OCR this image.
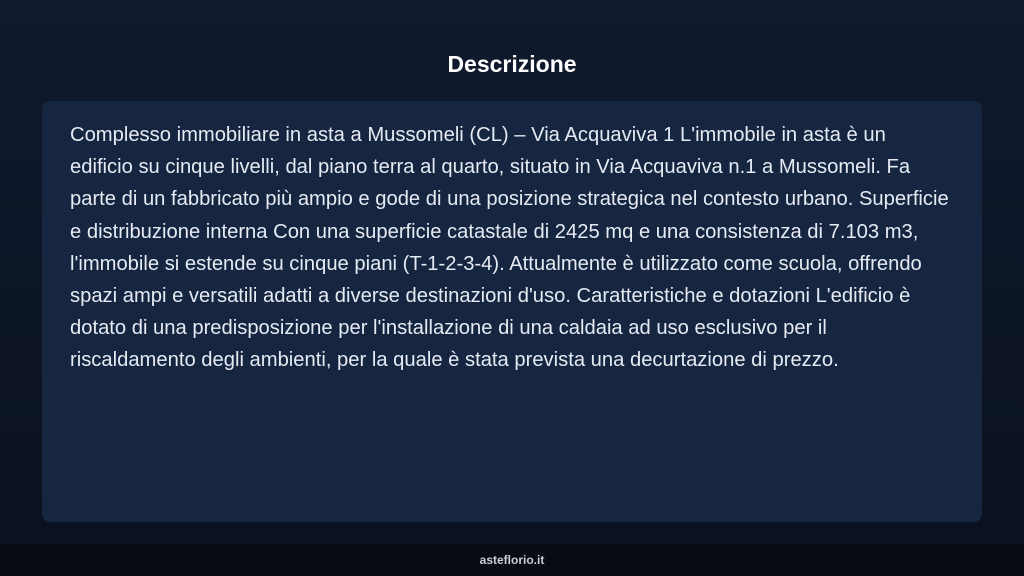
Descrizione

Complesso immobiliare in asta a Mussomeli (CL) – Via Acquaviva 1 L'immobile in asta è un edificio su cinque livelli, dal piano terra al quarto, situato in Via Acquaviva n.1 a Mussomeli. Fa parte di un fabbricato più ampio e gode di una posizione strategica nel contesto urbano. Superficie e distribuzione interna Con una superficie catastale di 2425 mq e una consistenza di 7.103 m3, l'immobile si estende su cinque piani (T-1-2-3-4). Attualmente è utilizzato come scuola, offrendo spazi ampi e versatili adatti a diverse destinazioni d'uso. Caratteristiche e dotazioni L'edificio è dotato di una predisposizione per l'installazione di una caldaia ad uso esclusivo per il riscaldamento degli ambienti, per la quale è stata prevista una decurtazione di prezzo.

asteflorio.it
